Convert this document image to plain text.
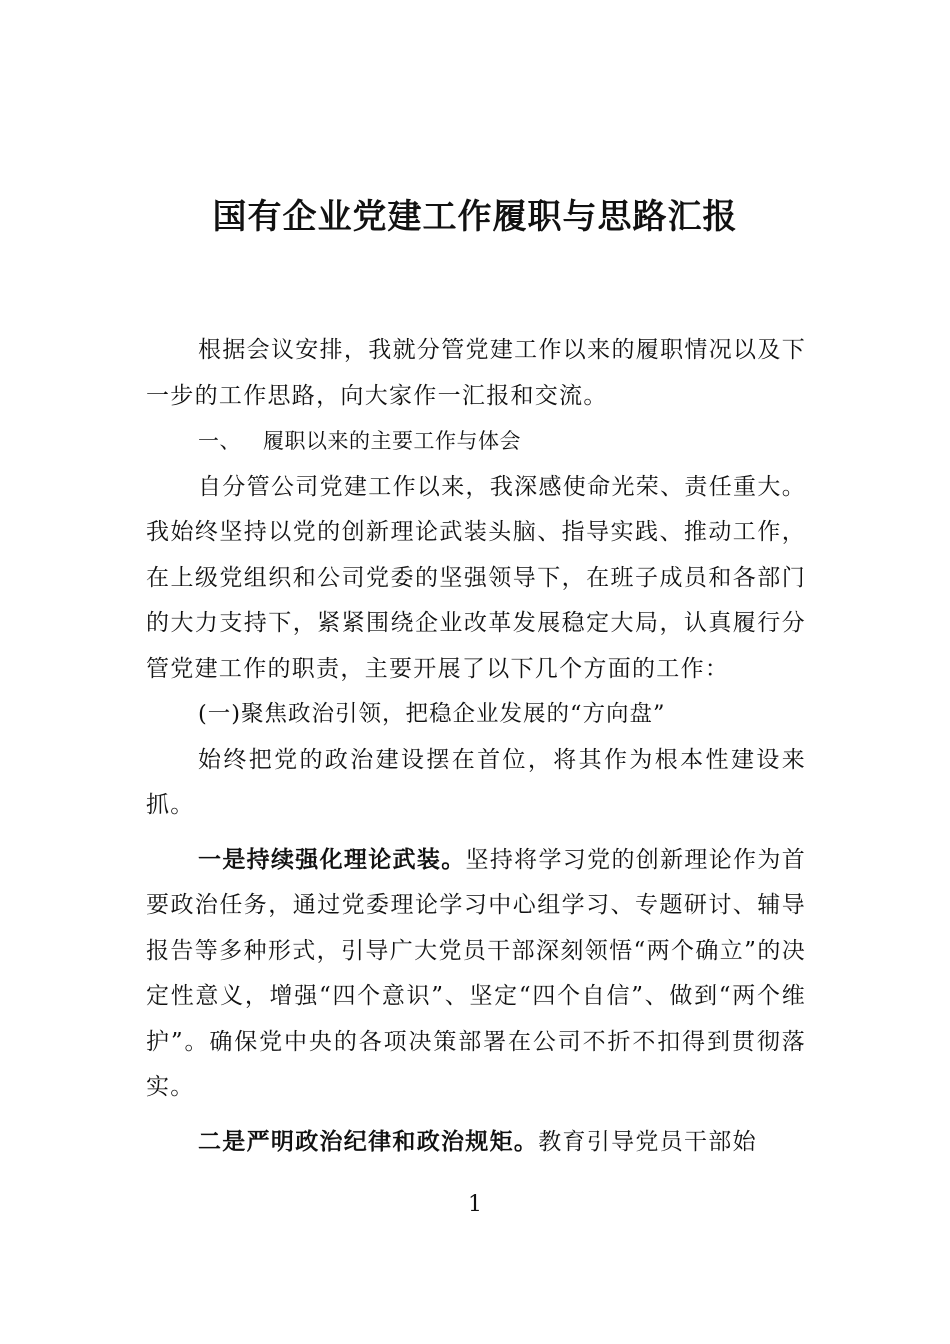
国有企业党建工作履职与思路汇报

根据会议安排，我就分管党建工作以来的履职情况以及下一步的工作思路，向大家作一汇报和交流。

一、 履职以来的主要工作与体会

自分管公司党建工作以来，我深感使命光荣、责任重大。我始终坚持以党的创新理论武装头脑、指导实践、推动工作，在上级党组织和公司党委的坚强领导下，在班子成员和各部门的大力支持下，紧紧围绕企业改革发展稳定大局，认真履行分管党建工作的职责，主要开展了以下几个方面的工作：

(一)聚焦政治引领，把稳企业发展的“方向盘”

始终把党的政治建设摆在首位，将其作为根本性建设来抓。

一是持续强化理论武装。坚持将学习党的创新理论作为首要政治任务，通过党委理论学习中心组学习、专题研讨、辅导报告等多种形式，引导广大党员干部深刻领悟“两个确立”的决定性意义，增强“四个意识”、坚定“四个自信”、做到“两个维护”。确保党中央的各项决策部署在公司不折不扣得到贯彻落实。

二是严明政治纪律和政治规矩。教育引导党员干部始

1
